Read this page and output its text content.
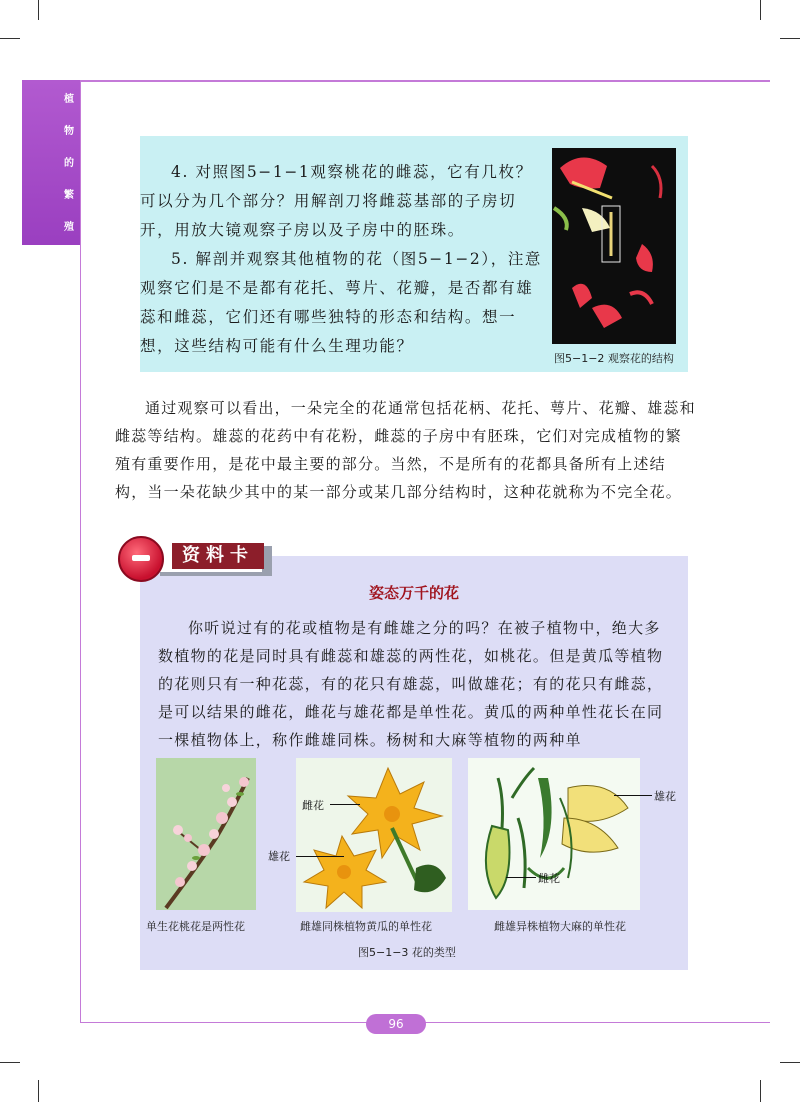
植
物
的
繁
殖

4. 对照图5−1−1观察桃花的雌蕊，它有几枚？可以分为几个部分？用解剖刀将雌蕊基部的子房切开，用放大镜观察子房以及子房中的胚珠。

5. 解剖并观察其他植物的花（图5−1−2），注意观察它们是不是都有花托、萼片、花瓣，是否都有雄蕊和雌蕊，它们还有哪些独特的形态和结构。想一想，这些结构可能有什么生理功能？

图5−1−2 观察花的结构

通过观察可以看出，一朵完全的花通常包括花柄、花托、萼片、花瓣、雄蕊和雌蕊等结构。雄蕊的花药中有花粉，雌蕊的子房中有胚珠，它们对完成植物的繁殖有重要作用，是花中最主要的部分。当然，不是所有的花都具备所有上述结构，当一朵花缺少其中的某一部分或某几部分结构时，这种花就称为不完全花。

资料卡
姿态万千的花

你听说过有的花或植物是有雌雄之分的吗？在被子植物中，绝大多数植物的花是同时具有雌蕊和雄蕊的两性花，如桃花。但是黄瓜等植物的花则只有一种花蕊，有的花只有雄蕊，叫做雄花；有的花只有雌蕊，是可以结果的雌花，雌花与雄花都是单性花。黄瓜的两种单性花长在同一棵植物体上，称作雌雄同株。杨树和大麻等植物的两种单

雌花
雄花
雄花
雌花
单生花桃花是两性花	雌雄同株植物黄瓜的单性花	雌雄异株植物大麻的单性花
图5−1−3 花的类型
96
